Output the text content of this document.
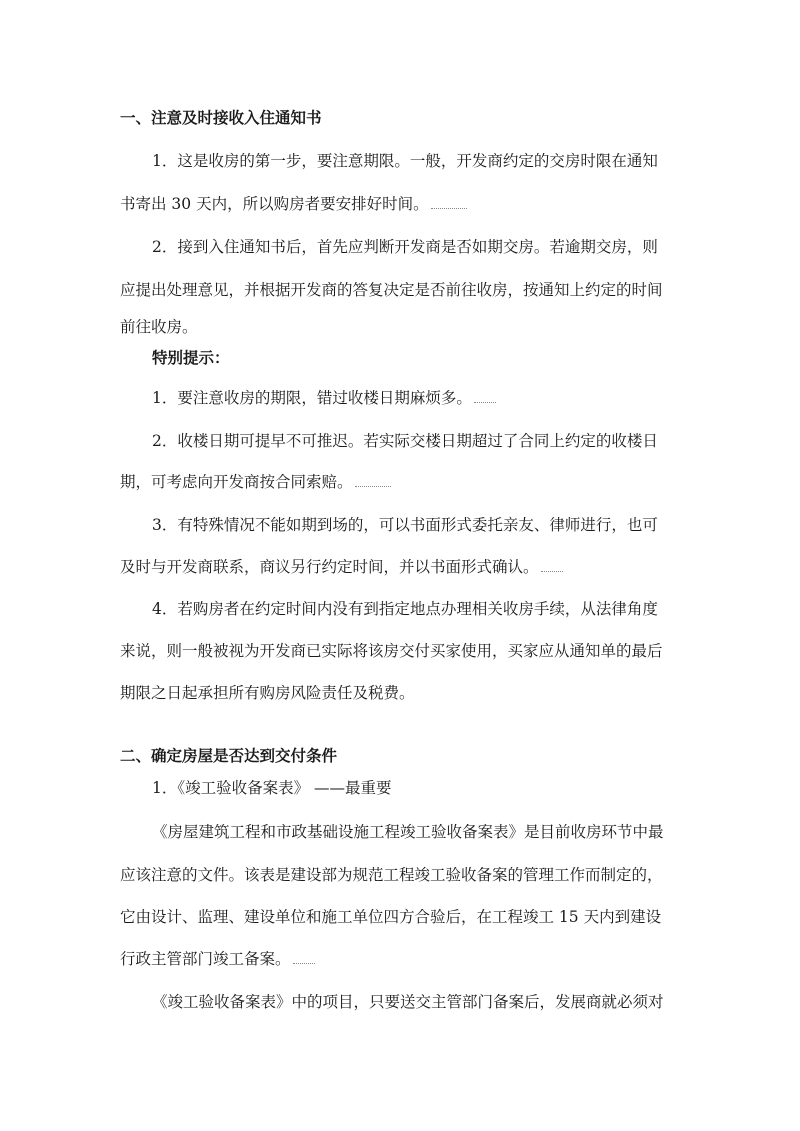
一、注意及时接收入住通知书
1．这是收房的第一步，要注意期限。一般，开发商约定的交房时限在通知
书寄出 30 天内，所以购房者要安排好时间。
2．接到入住通知书后，首先应判断开发商是否如期交房。若逾期交房，则
应提出处理意见，并根据开发商的答复决定是否前往收房，按通知上约定的时间
前往收房。
特别提示：
1．要注意收房的期限，错过收楼日期麻烦多。
2．收楼日期可提早不可推迟。若实际交楼日期超过了合同上约定的收楼日
期，可考虑向开发商按合同索赔。
3．有特殊情况不能如期到场的，可以书面形式委托亲友、律师进行，也可
及时与开发商联系，商议另行约定时间，并以书面形式确认。
4．若购房者在约定时间内没有到指定地点办理相关收房手续，从法律角度
来说，则一般被视为开发商已实际将该房交付买家使用，买家应从通知单的最后
期限之日起承担所有购房风险责任及税费。
二、确定房屋是否达到交付条件
1．《竣工验收备案表》 ——最重要
《房屋建筑工程和市政基础设施工程竣工验收备案表》是目前收房环节中最
应该注意的文件。该表是建设部为规范工程竣工验收备案的管理工作而制定的，
它由设计、监理、建设单位和施工单位四方合验后，在工程竣工 15 天内到建设
行政主管部门竣工备案。
《竣工验收备案表》中的项目，只要送交主管部门备案后，发展商就必须对
